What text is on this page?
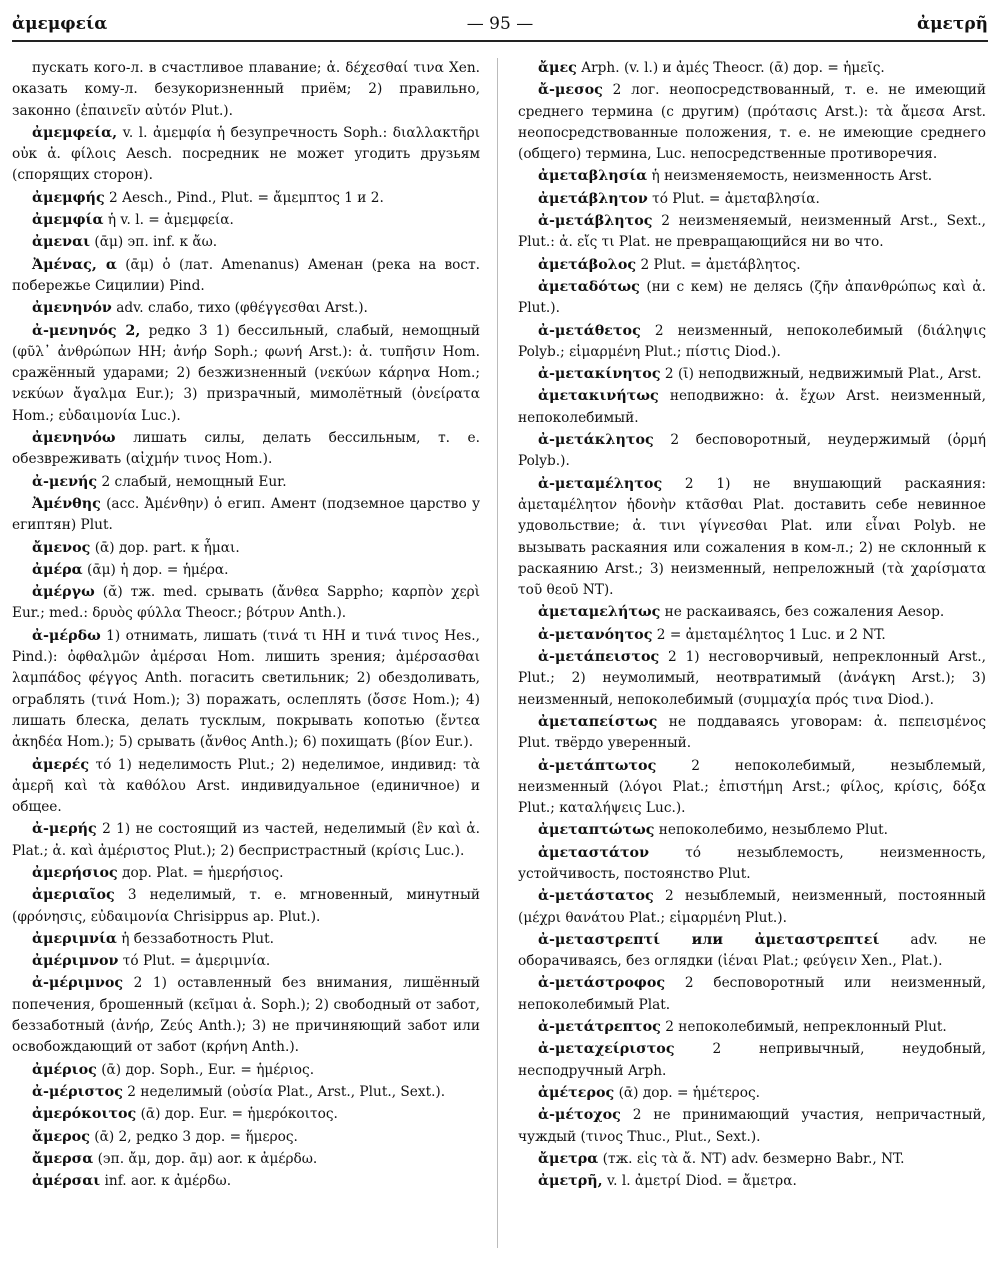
ἀμεμφεία	— 95 —	ἀμετρῆ

пускать кого-л. в счастливое плавание; ἀ. δέχεσθαί τινα Xen. оказать кому-л. безукоризненный приём; 2) правильно, законно (ἐπαινεῖν αὐτόν Plut.).

ἀμεμφεία, v. l. ἀμεμφία ἡ безупречность Soph.: διαλλακτῆρι οὐκ ἀ. φίλοις Aesch. посредник не может угодить друзьям (спорящих сторон).

ἀμεμφής 2 Aesch., Pind., Plut. = ἄμεμπτος 1 и 2.

ἀμεμφία ἡ v. l. = ἀμεμφεία.

ἀμεναι (ᾱμ) эп. inf. к ἄω.

Ἀμένας, α (ᾱμ) ὁ (лат. Amenanus) Аменан (река на вост. побережье Сицилии) Pind.

ἀμενηνόν adv. слабо, тихо (φθέγγεσθαι Arst.).

ἀ-μενηνός 2, редко 3 1) бессильный, слабый, немощный (φῦλ᾽ ἀνθρώπων HH; ἀνήρ Soph.; φωνή Arst.): ἀ. τυπῆσιν Hom. сражённый ударами; 2) безжизненный (νεκύων κάρηνα Hom.; νεκύων ἄγαλμα Eur.); 3) призрачный, мимолётный (ὀνείρατα Hom.; εὐδαιμονία Luc.).

ἀμενηνόω лишать силы, делать бессильным, т. е. обезвреживать (αἰχμήν τινος Hom.).

ἀ-μενής 2 слабый, немощный Eur.

Ἀμένθης (acc. Ἀμένθην) ὁ егип. Амент (подземное царство у египтян) Plut.

ἄμενος (ᾱ) дор. part. к ἧμαι.

ἀμέρα (ᾱμ) ἡ дор. = ἡμέρα.

ἀμέργω (ᾰ) тж. med. срывать (ἄνθεα Sappho; καρπὸν χερὶ Eur.; med.: δρυὸς φύλλα Theocr.; βότρυν Anth.).

ἀ-μέρδω 1) отнимать, лишать (τινά τι HH и τινά τινος Hes., Pind.): ὀφθαλμῶν ἀμέρσαι Hom. лишить зрения; ἀμέρσασθαι λαμπάδος φέγγος Anth. погасить светильник; 2) обездоливать, ограблять (τινά Hom.); 3) поражать, ослеплять (ὄσσε Hom.); 4) лишать блеска, делать тусклым, покрывать копотью (ἔντεα ἀκηδέα Hom.); 5) срывать (ἄνθος Anth.); 6) похищать (βίον Eur.).

ἀμερές τό 1) неделимость Plut.; 2) неделимое, индивид: τὰ ἀμερῆ καὶ τὰ καθόλου Arst. индивидуальное (единичное) и общее.

ἀ-μερής 2 1) не состоящий из частей, неделимый (ἓν καὶ ἀ. Plat.; ἀ. καὶ ἀμέριστος Plut.); 2) беспристрастный (κρίσις Luc.).

ἀμερήσιος дор. Plat. = ἡμερήσιος.

ἀμεριαῖος 3 неделимый, т. е. мгновенный, минутный (φρόνησις, εὐδαιμονία Chrisippus ap. Plut.).

ἀμεριμνία ἡ беззаботность Plut.

ἀμέριμνον τό Plut. = ἀμεριμνία.

ἀ-μέριμνος 2 1) оставленный без внимания, лишённый попечения, брошенный (κεῖμαι ἀ. Soph.); 2) свободный от забот, беззаботный (ἀνήρ, Ζεύς Anth.); 3) не причиняющий забот или освобождающий от забот (κρήνη Anth.).

ἀμέριος (ᾱ) дор. Soph., Eur. = ἡμέριος.

ἀ-μέριστος 2 неделимый (οὐσία Plat., Arst., Plut., Sext.).

ἀμερόκοιτος (ᾱ) дор. Eur. = ἡμερόκοιτος.

ἄμερος (ᾱ) 2, редко 3 дор. = ἥμερος.

ἄμερσα (эп. ἄμ, дор. ᾱμ) aor. к ἀμέρδω.

ἀμέρσαι inf. aor. к ἀμέρδω.

ἄμες Arph. (v. l.) и ἀμές Theocr. (ᾱ) дор. = ἡμεῖς.

ἄ-μεσος 2 лог. неопосредствованный, т. е. не имеющий среднего термина (с другим) (πρότασις Arst.): τὰ ἄμεσα Arst. неопосредствованные положения, т. е. не имеющие среднего (общего) термина, Luc. непосредственные противоречия.

ἀμεταβλησία ἡ неизменяемость, неизменность Arst.

ἀμετάβλητον τό Plut. = ἀμεταβλησία.

ἀ-μετάβλητος 2 неизменяемый, неизменный Arst., Sext., Plut.: ἀ. εἴς τι Plat. не превращающийся ни во что.

ἀμετάβολος 2 Plut. = ἀμετάβλητος.

ἀμεταδότως (ни с кем) не делясь (ζῆν ἀπανθρώπως καὶ ἀ. Plut.).

ἀ-μετάθετος 2 неизменный, непоколебимый (διάληψις Polyb.; εἱμαρμένη Plut.; πίστις Diod.).

ἀ-μετακίνητος 2 (ῑ) неподвижный, недвижимый Plat., Arst.

ἀμετακινήτως неподвижно: ἀ. ἔχων Arst. неизменный, непоколебимый.

ἀ-μετάκλητος 2 бесповоротный, неудержимый (ὁρμή Polyb.).

ἀ-μεταμέλητος 2 1) не внушающий раскаяния: ἀμεταμέλητον ἡδονὴν κτᾶσθαι Plat. доставить себе невинное удовольствие; ἀ. τινι γίγνεσθαι Plat. или εἶναι Polyb. не вызывать раскаяния или сожаления в ком-л.; 2) не склонный к раскаянию Arst.; 3) неизменный, непреложный (τὰ χαρίσματα τοῦ θεοῦ NT).

ἀμεταμελήτως не раскаиваясь, без сожаления Aesop.

ἀ-μετανόητος 2 = ἀμεταμέλητος 1 Luc. и 2 NT.

ἀ-μετάπειστος 2 1) несговорчивый, непреклонный Arst., Plut.; 2) неумолимый, неотвратимый (ἀνάγκη Arst.); 3) неизменный, непоколебимый (συμμαχία πρός τινα Diod.).

ἀμεταπείστως не поддаваясь уговорам: ἀ. πεπεισμένος Plut. твёрдо уверенный.

ἀ-μετάπτωτος	2 непоколебимый, незыблемый, неизменный (λόγοι Plat.; ἐπιστήμη Arst.; φίλος, κρίσις, δόξα Plut.; καταλήψεις Luc.).

ἀμεταπτώτως непоколебимо, незыблемо Plut.

ἀμεταστάτον	τό незыблемость, неизменность, устойчивость, постоянство Plut.

ἀ-μετάστατος 2 незыблемый, неизменный, постоянный (μέχρι θανάτου Plat.; εἱμαρμένη Plut.).

ἀ-μεταστρεπτί или ἀμεταστρεπτεί adv. не оборачиваясь, без оглядки (ἰέναι Plat.; φεύγειν Xen., Plat.).

ἀ-μετάστροφος 2 бесповоротный или неизменный, непоколебимый Plat.

ἀ-μετάτρεπτος 2 непоколебимый, непреклонный Plut.

ἀ-μεταχείριστος	2 непривычный, неудобный, несподручный Arph.

ἀμέτερος (ᾱ) дор. = ἡμέτερος.

ἀ-μέτοχος 2 не принимающий участия, непричастный, чуждый (τινος Thuc., Plut., Sext.).

ἄμετρα (тж. εἰς τὰ ἄ. NT) adv. безмерно Babr., NT.

ἀμετρῆ, v. l. ἀμετρί Diod. = ἄμετρα.
